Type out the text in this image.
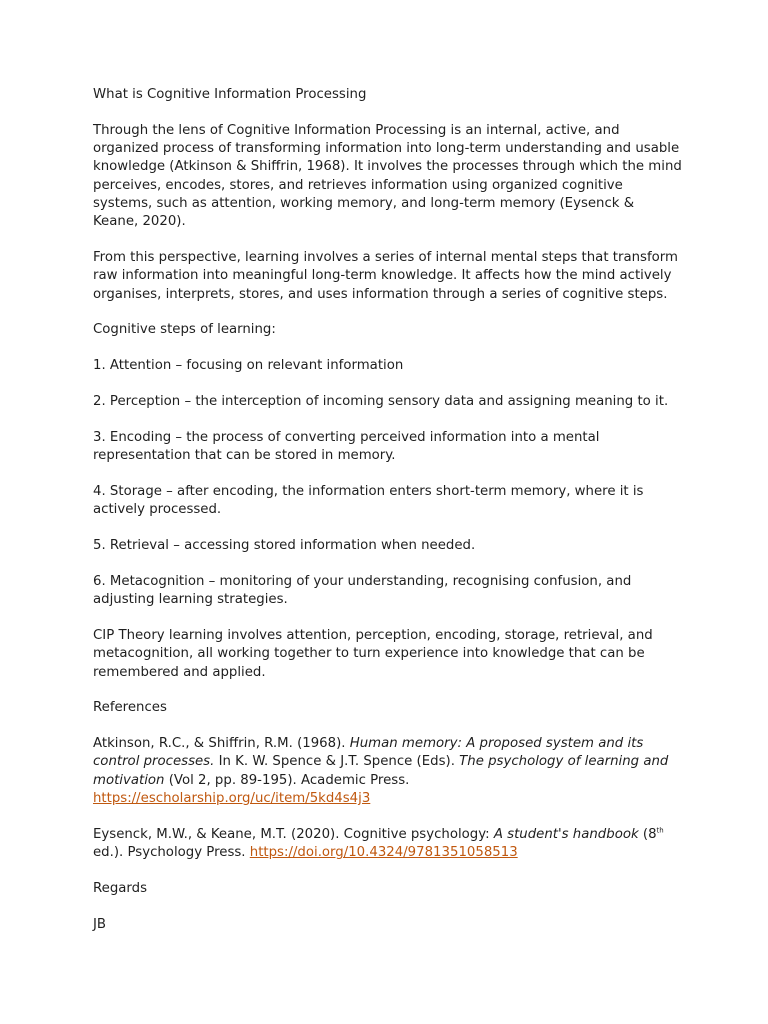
What is Cognitive Information Processing

Through the lens of Cognitive Information Processing is an internal, active, and organized process of transforming information into long-term understanding and usable knowledge (Atkinson & Shiffrin, 1968). It involves the processes through which the mind perceives, encodes, stores, and retrieves information using organized cognitive systems, such as attention, working memory, and long-term memory (Eysenck & Keane, 2020).

From this perspective, learning involves a series of internal mental steps that transform raw information into meaningful long-term knowledge. It affects how the mind actively organises, interprets, stores, and uses information through a series of cognitive steps.

Cognitive steps of learning:

1. Attention – focusing on relevant information

2. Perception – the interception of incoming sensory data and assigning meaning to it.

3. Encoding – the process of converting perceived information into a mental representation that can be stored in memory.

4. Storage – after encoding, the information enters short-term memory, where it is actively processed.

5. Retrieval – accessing stored information when needed.

6. Metacognition – monitoring of your understanding, recognising confusion, and adjusting learning strategies.

CIP Theory learning involves attention, perception, encoding, storage, retrieval, and metacognition, all working together to turn experience into knowledge that can be remembered and applied.

References

Atkinson, R.C., & Shiffrin, R.M. (1968). Human memory: A proposed system and its control processes. In K. W. Spence & J.T. Spence (Eds). The psychology of learning and motivation (Vol 2, pp. 89-195). Academic Press. https://escholarship.org/uc/item/5kd4s4j3

Eysenck, M.W., & Keane, M.T. (2020). Cognitive psychology: A student's handbook (8th ed.). Psychology Press. https://doi.org/10.4324/9781351058513

Regards

JB
